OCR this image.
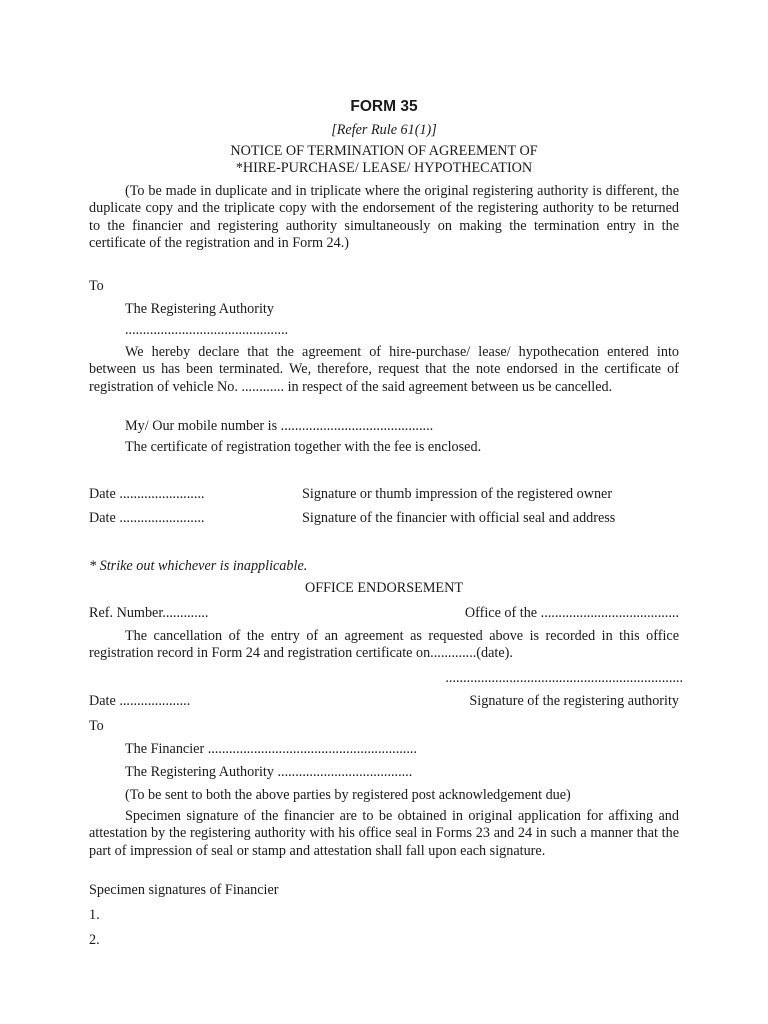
FORM 35
[Refer Rule 61(1)]
NOTICE OF TERMINATION OF AGREEMENT OF
*HIRE-PURCHASE/ LEASE/ HYPOTHECATION
(To be made in duplicate and in triplicate where the original registering authority is different, the duplicate copy and the triplicate copy with the endorsement of the registering authority to be returned to the financier and registering authority simultaneously on making the termination entry in the certificate of the registration and in Form 24.)
To
The Registering Authority
..............................................
We hereby declare that the agreement of hire-purchase/ lease/ hypothecation entered into between us has been terminated. We, therefore, request that the note endorsed in the certificate of registration of vehicle No. ............ in respect of the said agreement between us be cancelled.
My/ Our mobile number is ...........................................
The certificate of registration together with the fee is enclosed.
Date ........................	Signature or thumb impression of the registered owner
Date ........................	Signature of the financier with official seal and address
* Strike out whichever is inapplicable.
OFFICE ENDORSEMENT
Ref. Number.............	Office of the .......................................
The cancellation of the entry of an agreement as requested above is recorded in this office registration record in Form 24 and registration certificate on.............(date).
...................................................................
Date ....................	Signature of the registering authority
To
The Financier ...........................................................
The Registering Authority ......................................
(To be sent to both the above parties by registered post acknowledgement due)
Specimen signature of the financier are to be obtained in original application for affixing and attestation by the registering authority with his office seal in Forms 23 and 24 in such a manner that the part of impression of seal or stamp and attestation shall fall upon each signature.
Specimen signatures of Financier
1.
2.
